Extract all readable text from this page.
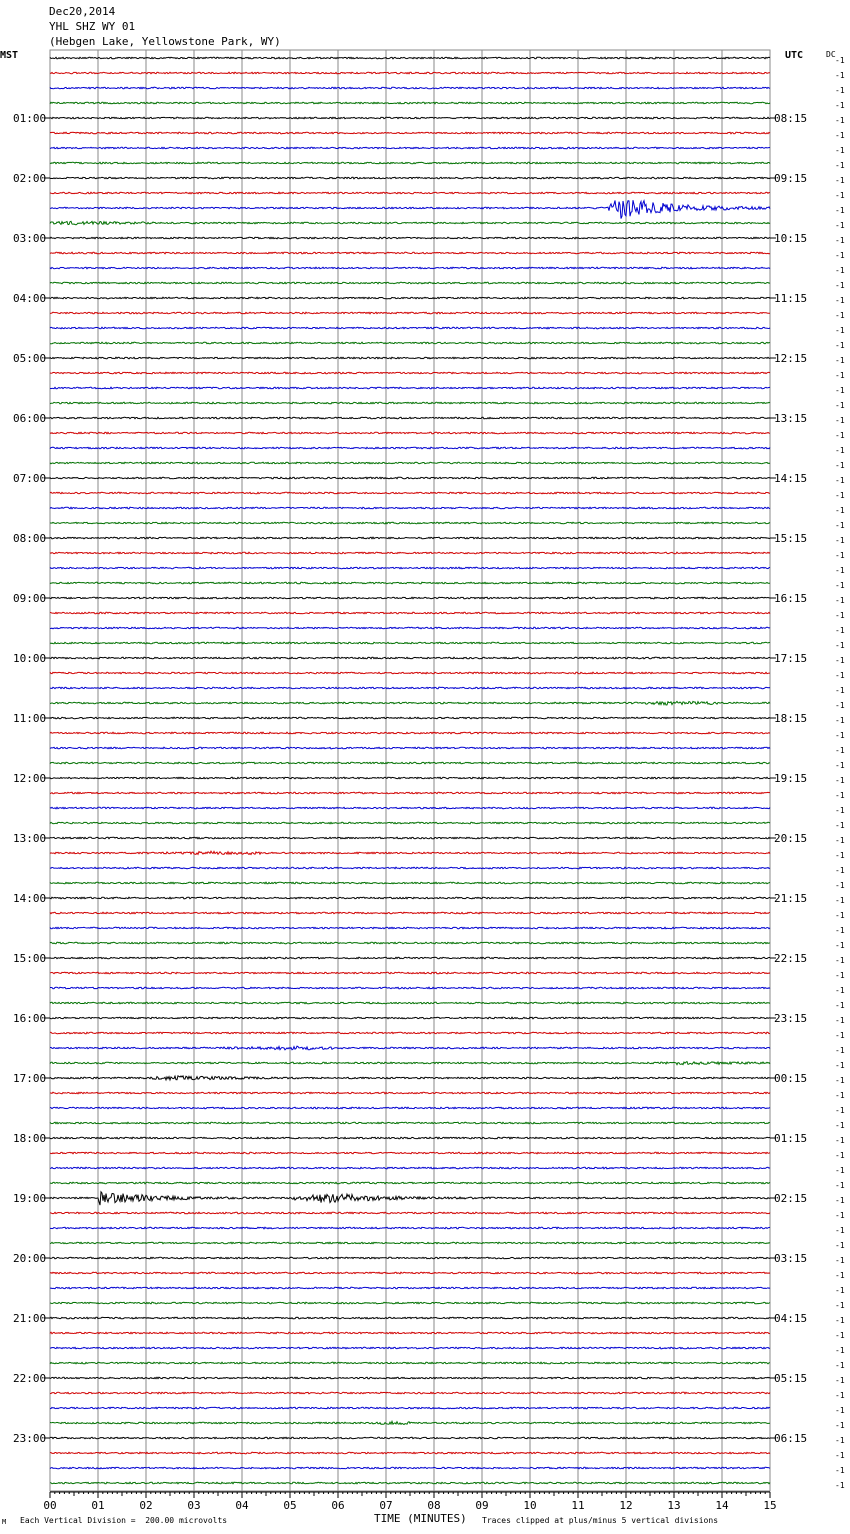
Dec20,2014
YHL SHZ WY 01
(Hebgen Lake, Yellowstone Park, WY)
MST	UTC	DC
-1
-1
-1
-1
-1
-1
-1
-1
-1
-1
-1
-1
-1
-1
-1
-1
-1
-1
-1
-1
-1
-1
-1
-1
-1
-1
-1
-1
-1
-1
-1
-1
-1
-1
-1
-1
-1
-1
-1
-1
-1
-1
-1
-1
-1
-1
-1
-1
-1
-1
-1
-1
-1
-1
-1
-1
-1
-1
-1
-1
-1
-1
-1
-1
-1
-1
-1
-1
-1
-1
-1
-1
-1
-1
-1
-1
-1
-1
-1
-1
-1
-1
-1
-1
-1
-1
-1
-1
-1
-1
-1
-1
-1
-1
-1
-1
01:00
02:00
03:00
04:00
05:00
06:00
07:00
08:00
09:00
10:00
11:00
12:00
13:00
14:00
15:00
16:00
17:00
18:00
19:00
20:00
21:00
22:00
23:00
08:15
09:15
10:15
11:15
12:15
13:15
14:15
15:15
16:15
17:15
18:15
19:15
20:15
21:15
22:15
23:15
00:15
01:15
02:15
03:15
04:15
05:15
06:15
00	01	02	03	04	05	06	07	08	09	10	11	12	13	14	15
M Each Vertical Division =  200.00 microvolts	TIME (MINUTES) Traces clipped at plus/minus 5 vertical divisions
